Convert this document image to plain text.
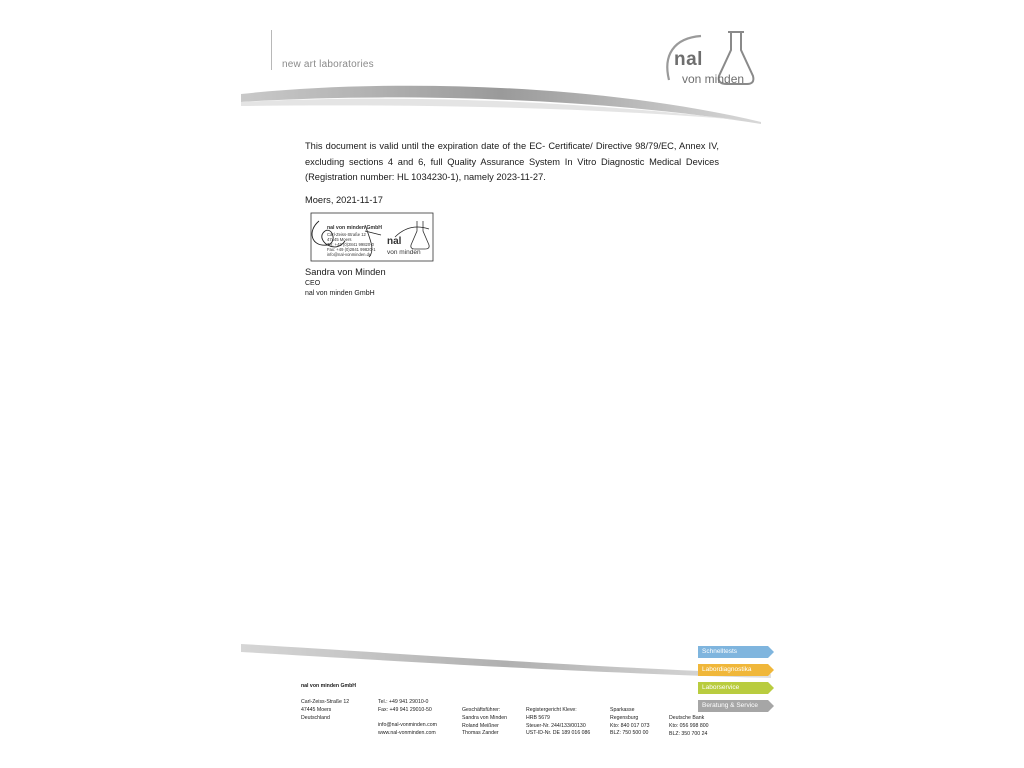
new art laboratories	nal
von minden
This document is valid until the expiration date of the EC- Certificate/ Directive 98/79/EC, Annex IV, excluding sections 4 and 6, full Quality Assurance System In Vitro Diagnostic Medical Devices (Registration number: HL 1034230-1), namely 2023-11-27.
Moers, 2021-11-17
nal von minden GmbH
Carl-Zeiss-Straße 12
47445 Moers
Tel: +49 (0)2841 99820-0
Fax: +49 (0)2841 99820-1
info@nal-vonminden.de
nal
von minden
Sandra von Minden
CEO
nal von minden GmbH
Schnelltests
Labordiagnostika
Laborservice
Beratung & Service
nal von minden GmbH
Carl-Zeiss-Straße 12
47445 Moers
Deutschland
Tel.: +49 941 29010-0
Fax: +49 941 29010-50
info@nal-vonminden.com
www.nal-vonminden.com
Geschäftsführer:
Sandra von Minden
Roland Meißner
Thomas Zander
Registergericht Kleve:
HRB 5679
Steuer-Nr. 244/133/00130
UST-ID-Nr. DE 189 016 086
Sparkasse
Regensburg
Kto: 840 017 073
BLZ: 750 500 00
Deutsche Bank
Kto: 056 998 800
BLZ: 350 700 24
